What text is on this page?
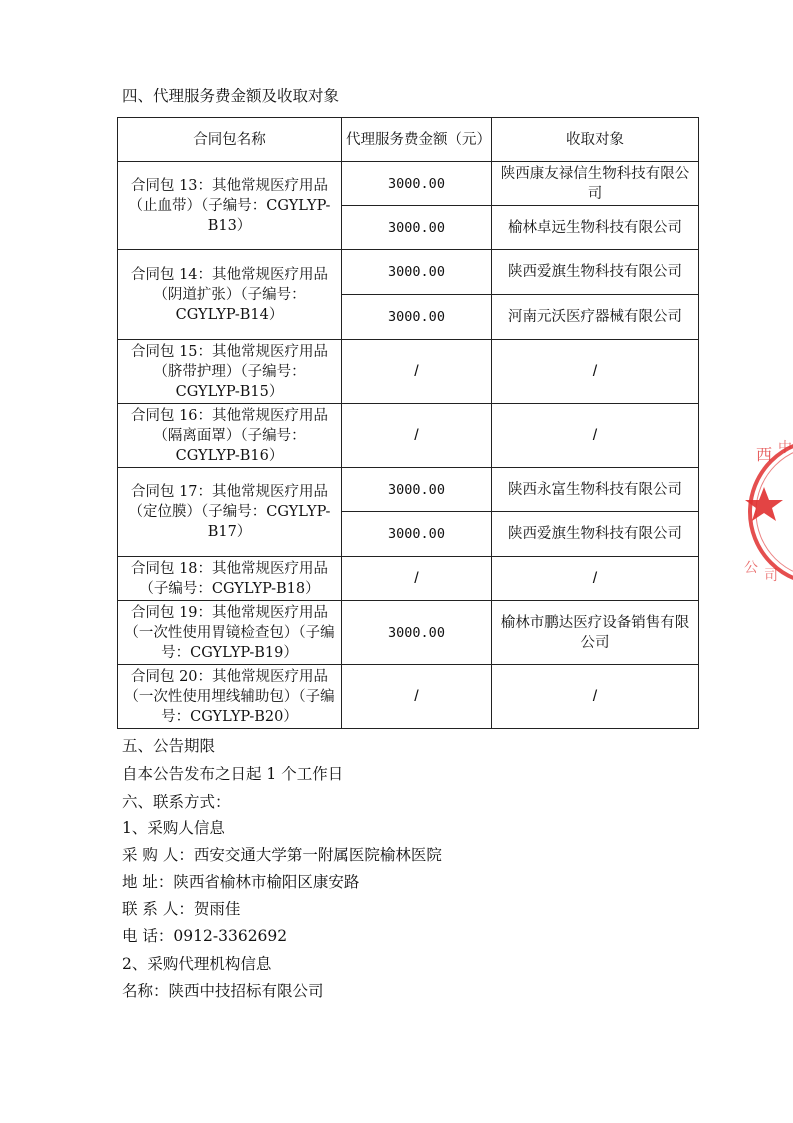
四、代理服务费金额及收取对象
合同包名称	代理服务费金额（元）	收取对象
合同包 13：其他常规医疗用品（止血带）（子编号：CGYLYP-B13）	3000.00	陕西康友禄信生物科技有限公司
	3000.00	榆林卓远生物科技有限公司
合同包 14：其他常规医疗用品（阴道扩张）（子编号：CGYLYP-B14）	3000.00	陕西爱旗生物科技有限公司
	3000.00	河南元沃医疗器械有限公司
合同包 15：其他常规医疗用品（脐带护理）（子编号：CGYLYP-B15）	/	/
合同包 16：其他常规医疗用品（隔离面罩）（子编号：CGYLYP-B16）	/	/
合同包 17：其他常规医疗用品（定位膜）（子编号：CGYLYP-B17）	3000.00	陕西永富生物科技有限公司
	3000.00	陕西爱旗生物科技有限公司
合同包 18：其他常规医疗用品（子编号：CGYLYP-B18）	/	/
合同包 19：其他常规医疗用品（一次性使用胃镜检查包）（子编号：CGYLYP-B19）	3000.00	榆林市鹏达医疗设备销售有限公司
合同包 20：其他常规医疗用品（一次性使用埋线辅助包）（子编号：CGYLYP-B20）	/	/
五、公告期限
自本公告发布之日起 1 个工作日
六、联系方式：
1、采购人信息
采 购 人：西安交通大学第一附属医院榆林医院
地 址：陕西省榆林市榆阳区康安路
联 系 人：贺雨佳
电 话：0912-3362692
2、采购代理机构信息
名称：陕西中技招标有限公司
西 中
公 司
